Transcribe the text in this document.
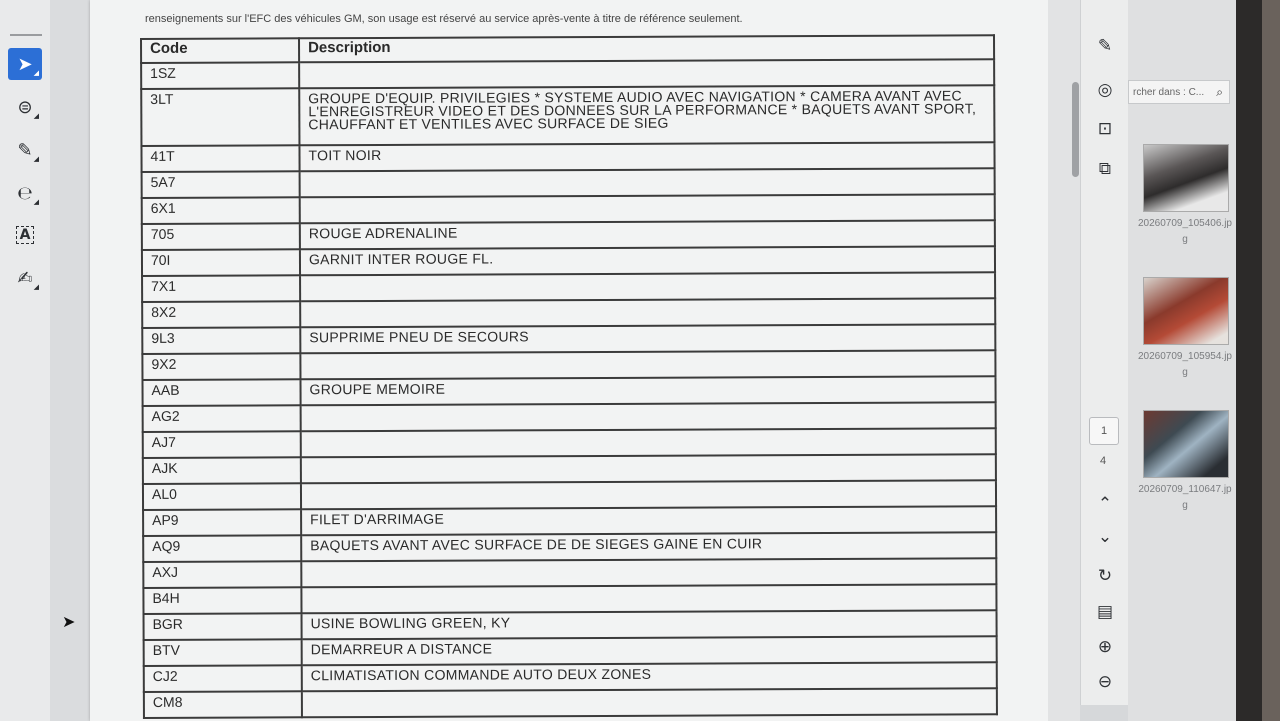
➤ ◢
⊜ ◢
✎ ◢
℮ ◢
A
✍ ◢
renseignements sur l'EFC des véhicules GM, son usage est réservé au service après-vente à titre de référence seulement.
Code	Description
1SZ	
3LT	GROUPE D'EQUIP. PRIVILEGIES * SYSTEME AUDIO AVEC NAVIGATION * CAMERA AVANT AVEC L'ENREGISTREUR VIDEO ET DES DONNEES SUR LA PERFORMANCE * BAQUETS AVANT SPORT, CHAUFFANT ET VENTILES AVEC SURFACE DE SIEG
41T	TOIT NOIR
5A7	
6X1	
705	ROUGE ADRENALINE
70I	GARNIT INTER ROUGE FL.
7X1	
8X2	
9L3	SUPPRIME PNEU DE SECOURS
9X2	
AAB	GROUPE MEMOIRE
AG2	
AJ7	
AJK	
AL0	
AP9	FILET D'ARRIMAGE
AQ9	BAQUETS AVANT AVEC SURFACE DE DE SIEGES GAINE EN CUIR
AXJ	
B4H	
BGR	USINE BOWLING GREEN, KY
BTV	DEMARREUR A DISTANCE
CJ2	CLIMATISATION COMMANDE AUTO DEUX ZONES
CM8	
✎
◎
⊡
⧉
1
4
⌃
⌄
↻
▤
⊕
⊖
rcher dans : C... ⌕
20260709_105406.jpg
20260709_105954.jpg
20260709_110647.jpg
➤
